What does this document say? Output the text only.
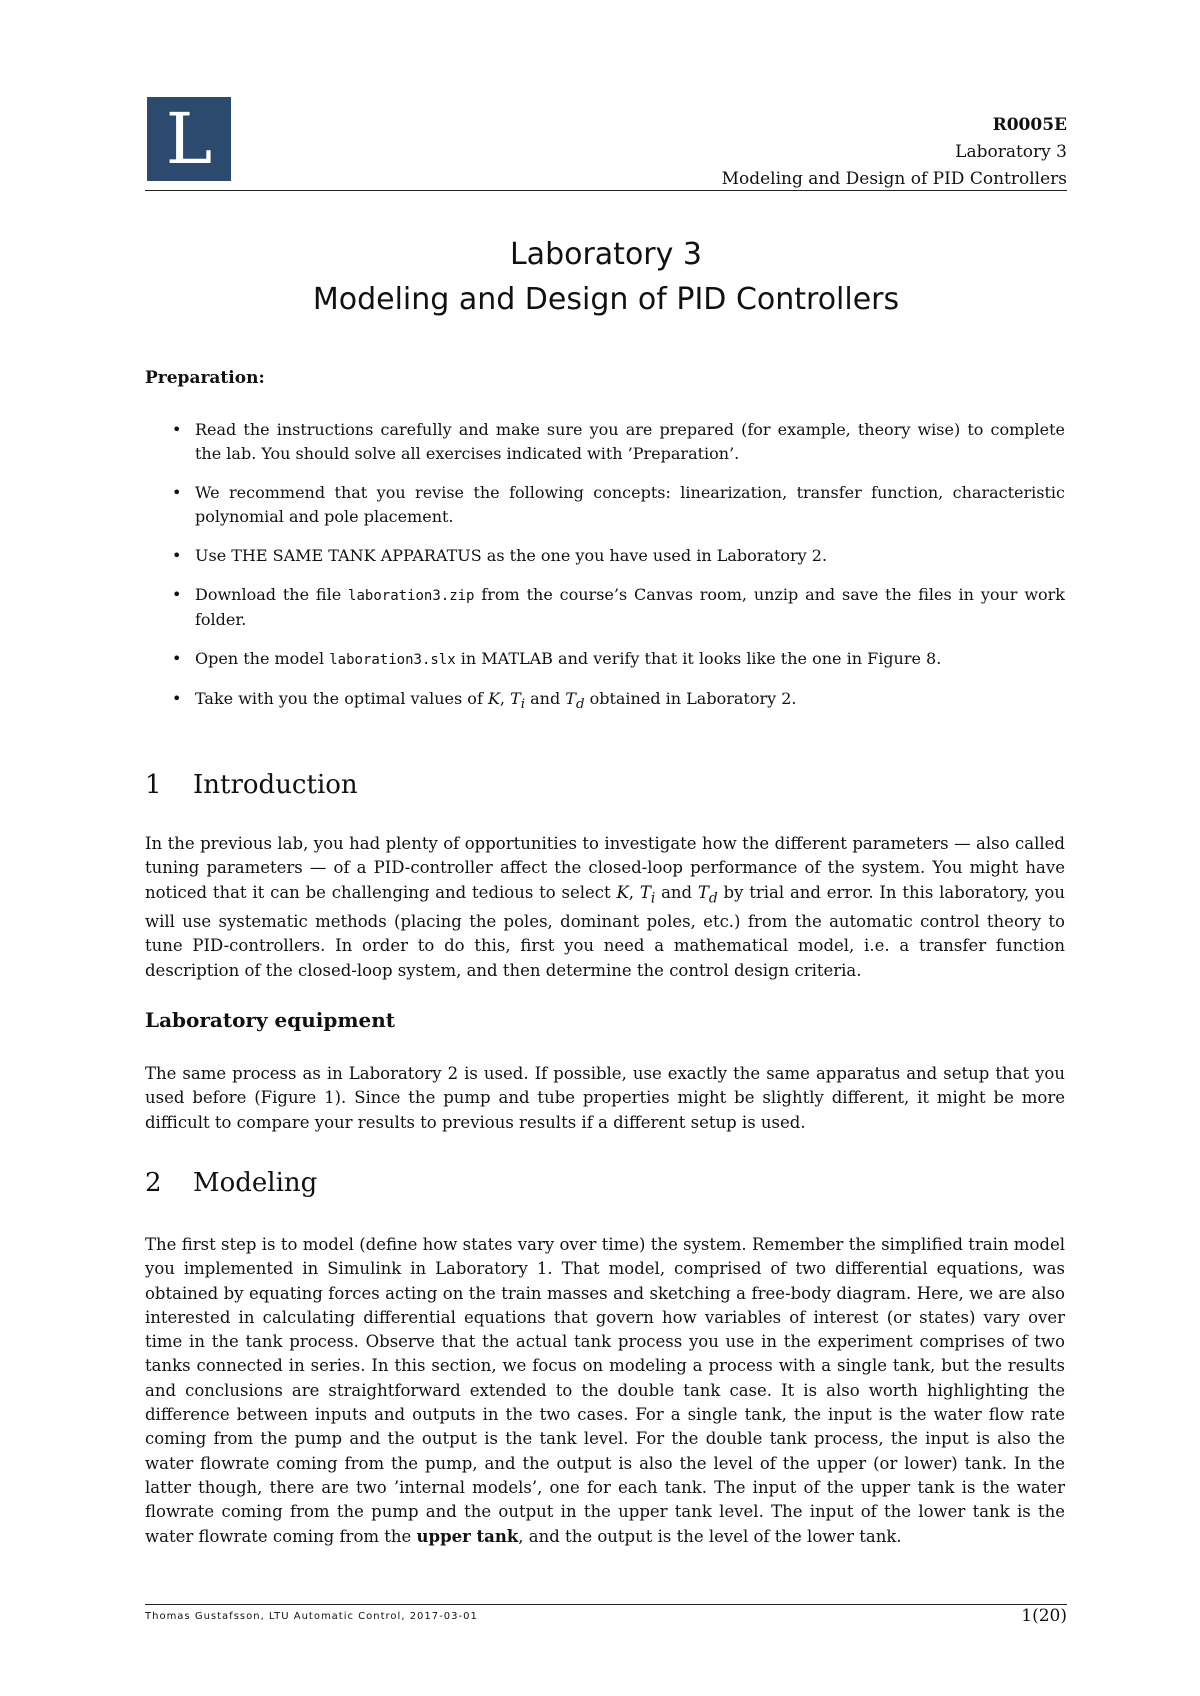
L	R0005E
Laboratory 3
Modeling and Design of PID Controllers
Laboratory 3
Modeling and Design of PID Controllers
Preparation:
• Read the instructions carefully and make sure you are prepared (for example, theory wise) to complete the lab. You should solve all exercises indicated with ’Preparation’.
• We recommend that you revise the following concepts: linearization, transfer function, characteristic polynomial and pole placement.
• Use THE SAME TANK APPARATUS as the one you have used in Laboratory 2.
• Download the file laboration3.zip from the course’s Canvas room, unzip and save the files in your work folder.
• Open the model laboration3.slx in MATLAB and verify that it looks like the one in Figure 8.
• Take with you the optimal values of K, $T_i$ and $T_d$ obtained in Laboratory 2.
1 Introduction

In the previous lab, you had plenty of opportunities to investigate how the different parameters — also called tuning parameters — of a PID-controller affect the closed-loop performance of the system. You might have noticed that it can be challenging and tedious to select K, $T_i$ and $T_d$ by trial and error. In this laboratory, you will use systematic methods (placing the poles, dominant poles, etc.) from the automatic control theory to tune PID-controllers. In order to do this, first you need a mathematical model, i.e. a transfer function description of the closed-loop system, and then determine the control design criteria.

Laboratory equipment

The same process as in Laboratory 2 is used. If possible, use exactly the same apparatus and setup that you used before (Figure 1). Since the pump and tube properties might be slightly different, it might be more difficult to compare your results to previous results if a different setup is used.

2 Modeling

The first step is to model (define how states vary over time) the system. Remember the simplified train model you implemented in Simulink in Laboratory 1. That model, comprised of two differential equations, was obtained by equating forces acting on the train masses and sketching a free-body diagram. Here, we are also interested in calculating differential equations that govern how variables of interest (or states) vary over time in the tank process. Observe that the actual tank process you use in the experiment comprises of two tanks connected in series. In this section, we focus on modeling a process with a single tank, but the results and conclusions are straightforward extended to the double tank case. It is also worth highlighting the difference between inputs and outputs in the two cases. For a single tank, the input is the water flow rate coming from the pump and the output is the tank level. For the double tank process, the input is also the water flowrate coming from the pump, and the output is also the level of the upper (or lower) tank. In the latter though, there are two ’internal models’, one for each tank. The input of the upper tank is the water flowrate coming from the pump and the output in the upper tank level. The input of the lower tank is the water flowrate coming from the upper tank, and the output is the level of the lower tank.

Thomas Gustafsson, LTU Automatic Control, 2017-03-01	1(20)
